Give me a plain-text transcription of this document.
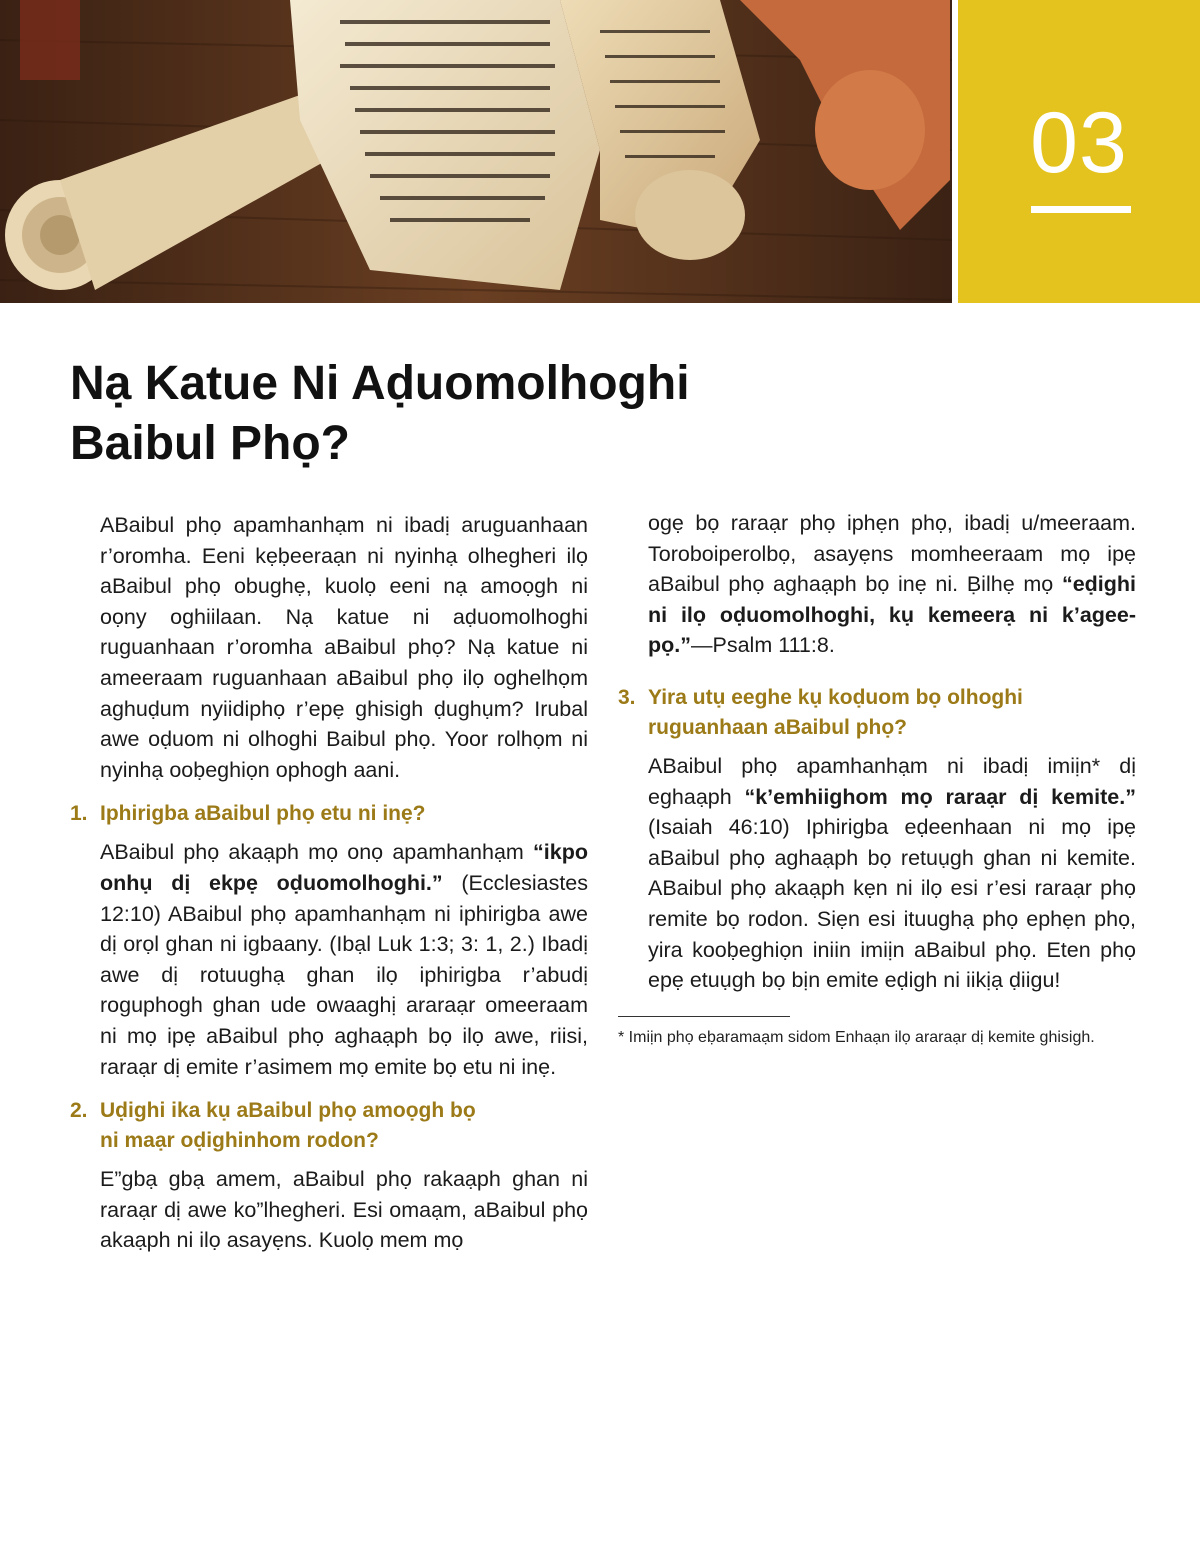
03
Nạ Katue Ni Aḍuomolhoghi
Baibul Phọ?

ABaibul phọ apamhanhạm ni ibadị aruguanhaan r’oromha. Eeni kẹḅeeraạn ni nyinhạ olhegheri ilọ aBaibul phọ obughẹ, kuolọ eeni nạ amoọgh ni oọny oghiilaan. Nạ katue ni aḍuomolhoghi ruguanhaan r’oromha aBaibul phọ? Nạ katue ni ameeraam ruguanhaan aBaibul phọ ilọ oghelhọm aghuḍum nyiidiphọ r’epẹ ghisigh ḍughụm? Irubal awe oḍuom ni olhoghi Baibul phọ. Yoor rolhọm ni nyinhạ ooḅeghiọn ophogh aani.

1. Iphirigba aBaibul phọ etu ni inẹ?

ABaibul phọ akaạph mọ onọ apamhanhạm “ikpo onhụ dị ekpẹ oḍuomolhoghi.” (Ecclesiastes 12:10) ABaibul phọ apamhanhạm ni iphirigba awe dị orọl ghan ni igbaany. (Ibạl Luk 1:3; 3: 1, 2.) Ibadị awe dị rotuughạ ghan ilọ iphirigba r’abudị roguphogh ghan ude owaaghị araraạr omeeraam ni mọ ipẹ aBaibul phọ aghaạph bọ ilọ awe, riisi, raraạr dị emite r’asimem mọ emite bọ etu ni inẹ.

2. Uḍighi ika kụ aBaibul phọ amoọgh bọ
ni maạr oḍighinhom rodon?

E”gbạ gbạ amem, aBaibul phọ rakaạph ghan ni raraạr dị awe ko”lhegheri. Esi omaạm, aBaibul phọ akaạph ni ilọ asayẹns. Kuolọ mem mọ

ogẹ bọ raraạr phọ iphẹn phọ, ibadị u/meeraam. Toroboiperolbọ, asayẹns momheeraam mọ ipẹ aBaibul phọ aghaạph bọ inẹ ni. Ḅilhẹ mọ “eḍighi ni ilọ oḍuomolhoghi, kụ kemeerạ ni k’ageepọ.”—Psalm 111:8.

3. Yira utụ eeghe kụ koḍuom bọ olhoghi
ruguanhaan aBaibul phọ?

ABaibul phọ apamhanhạm ni ibadị imiịn* dị eghaạph “k’emhiighom mọ raraạr dị kemite.” (Isaiah 46:10) Iphirigba eḍeenhaan ni mọ ipẹ aBaibul phọ aghaạph bọ retuụgh ghan ni kemite. ABaibul phọ akaạph kẹn ni ilọ esi r’esi raraạr phọ remite bọ rodon. Siẹn esi ituughạ phọ ephẹn phọ, yira kooḅeghiọn iniin imiịn aBaibul phọ. Eten phọ epẹ etuụgh bọ bịn emite eḍigh ni iikịạ ḍiigu!

* Imiịn phọ eḅaramaạm sidom Enhaạn ilọ araraạr dị kemite ghisigh.
